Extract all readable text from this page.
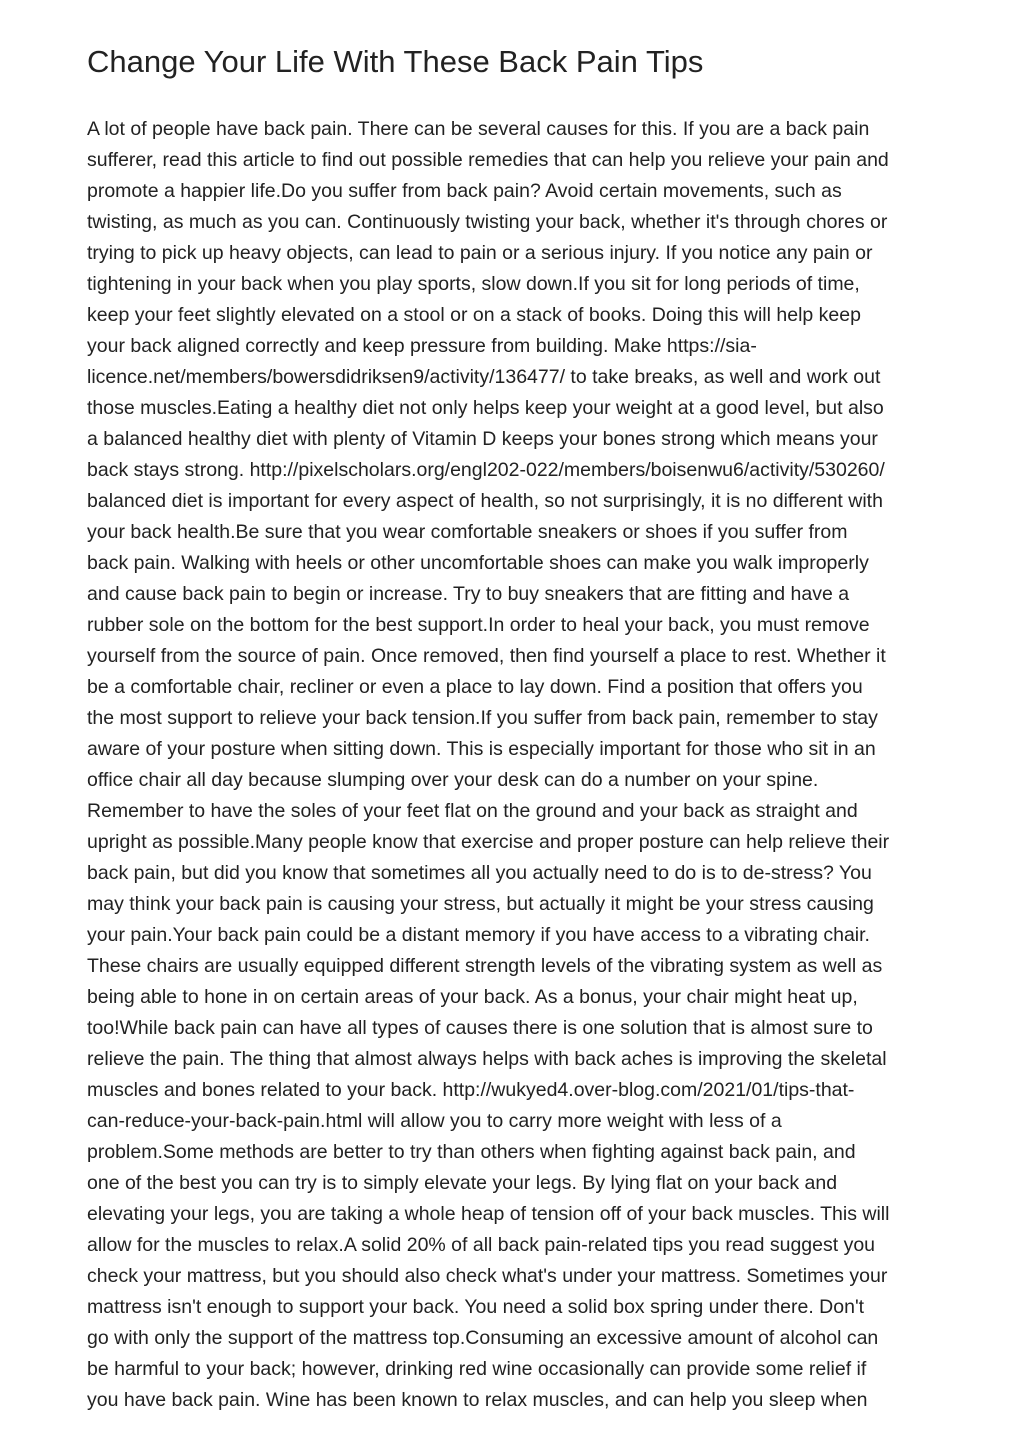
Change Your Life With These Back Pain Tips
A lot of people have back pain. There can be several causes for this. If you are a back pain
sufferer, read this article to find out possible remedies that can help you relieve your pain and
promote a happier life.Do you suffer from back pain? Avoid certain movements, such as
twisting, as much as you can. Continuously twisting your back, whether it's through chores or
trying to pick up heavy objects, can lead to pain or a serious injury. If you notice any pain or
tightening in your back when you play sports, slow down.If you sit for long periods of time,
keep your feet slightly elevated on a stool or on a stack of books. Doing this will help keep
your back aligned correctly and keep pressure from building. Make https://sia-
licence.net/members/bowersdidriksen9/activity/136477/ to take breaks, as well and work out
those muscles.Eating a healthy diet not only helps keep your weight at a good level, but also
a balanced healthy diet with plenty of Vitamin D keeps your bones strong which means your
back stays strong. http://pixelscholars.org/engl202-022/members/boisenwu6/activity/530260/
balanced diet is important for every aspect of health, so not surprisingly, it is no different with
your back health.Be sure that you wear comfortable sneakers or shoes if you suffer from
back pain. Walking with heels or other uncomfortable shoes can make you walk improperly
and cause back pain to begin or increase. Try to buy sneakers that are fitting and have a
rubber sole on the bottom for the best support.In order to heal your back, you must remove
yourself from the source of pain. Once removed, then find yourself a place to rest. Whether it
be a comfortable chair, recliner or even a place to lay down. Find a position that offers you
the most support to relieve your back tension.If you suffer from back pain, remember to stay
aware of your posture when sitting down. This is especially important for those who sit in an
office chair all day because slumping over your desk can do a number on your spine.
Remember to have the soles of your feet flat on the ground and your back as straight and
upright as possible.Many people know that exercise and proper posture can help relieve their
back pain, but did you know that sometimes all you actually need to do is to de-stress? You
may think your back pain is causing your stress, but actually it might be your stress causing
your pain.Your back pain could be a distant memory if you have access to a vibrating chair.
These chairs are usually equipped different strength levels of the vibrating system as well as
being able to hone in on certain areas of your back. As a bonus, your chair might heat up,
too!While back pain can have all types of causes there is one solution that is almost sure to
relieve the pain. The thing that almost always helps with back aches is improving the skeletal
muscles and bones related to your back. http://wukyed4.over-blog.com/2021/01/tips-that-
can-reduce-your-back-pain.html will allow you to carry more weight with less of a
problem.Some methods are better to try than others when fighting against back pain, and
one of the best you can try is to simply elevate your legs. By lying flat on your back and
elevating your legs, you are taking a whole heap of tension off of your back muscles. This will
allow for the muscles to relax.A solid 20% of all back pain-related tips you read suggest you
check your mattress, but you should also check what's under your mattress. Sometimes your
mattress isn't enough to support your back. You need a solid box spring under there. Don't
go with only the support of the mattress top.Consuming an excessive amount of alcohol can
be harmful to your back; however, drinking red wine occasionally can provide some relief if
you have back pain. Wine has been known to relax muscles, and can help you sleep when
